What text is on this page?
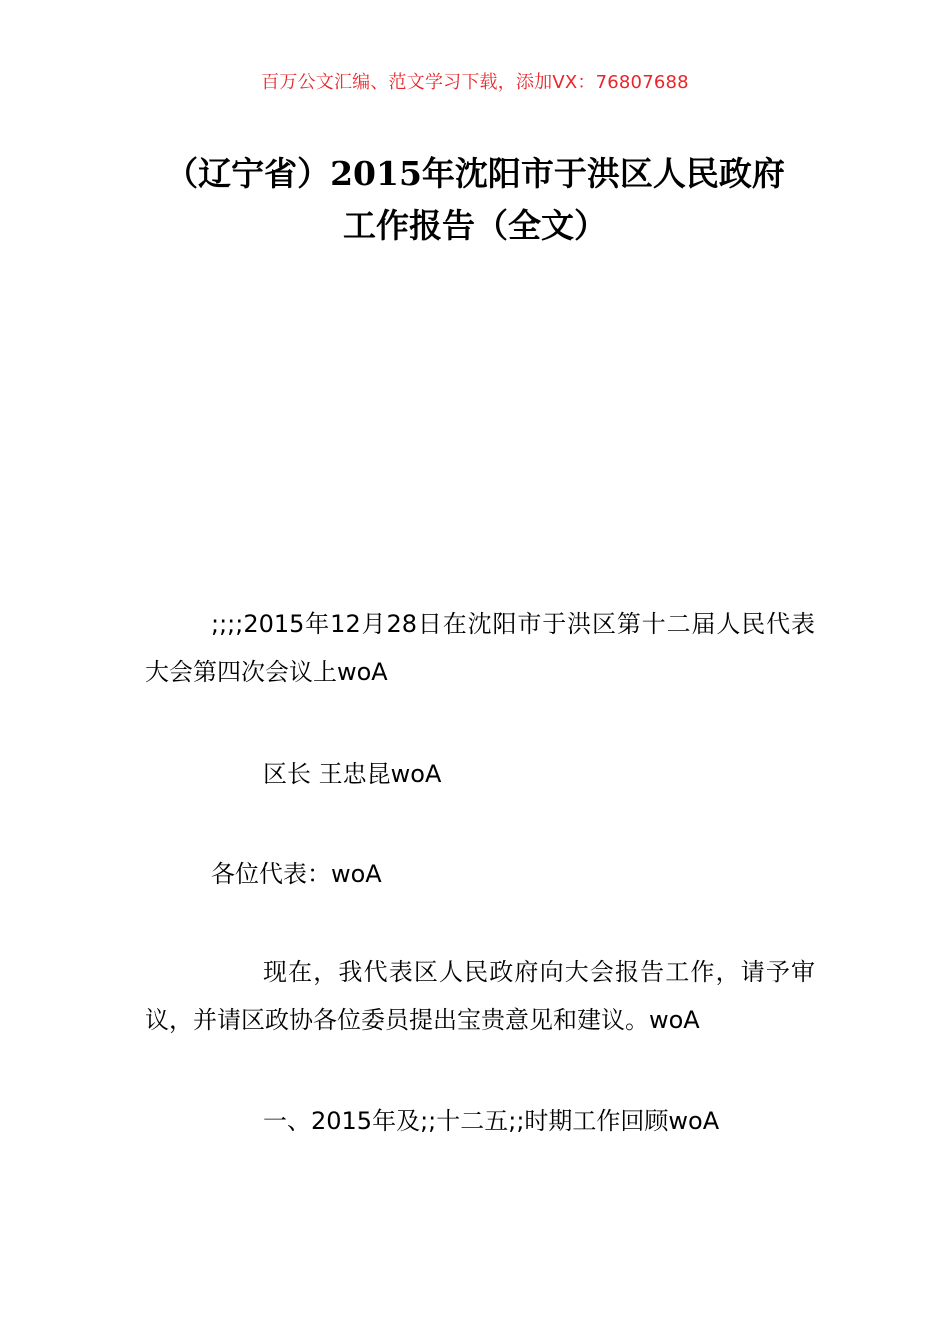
百万公文汇编、范文学习下载，添加VX：76807688
（辽宁省）2015年沈阳市于洪区人民政府
工作报告（全文）
;;;;2015年12月28日在沈阳市于洪区第十二届人民代表大会第四次会议上woA
区长 王忠昆woA
各位代表：woA
现在，我代表区人民政府向大会报告工作，请予审议，并请区政协各位委员提出宝贵意见和建议。woA
一、2015年及;;十二五;;时期工作回顾woA
